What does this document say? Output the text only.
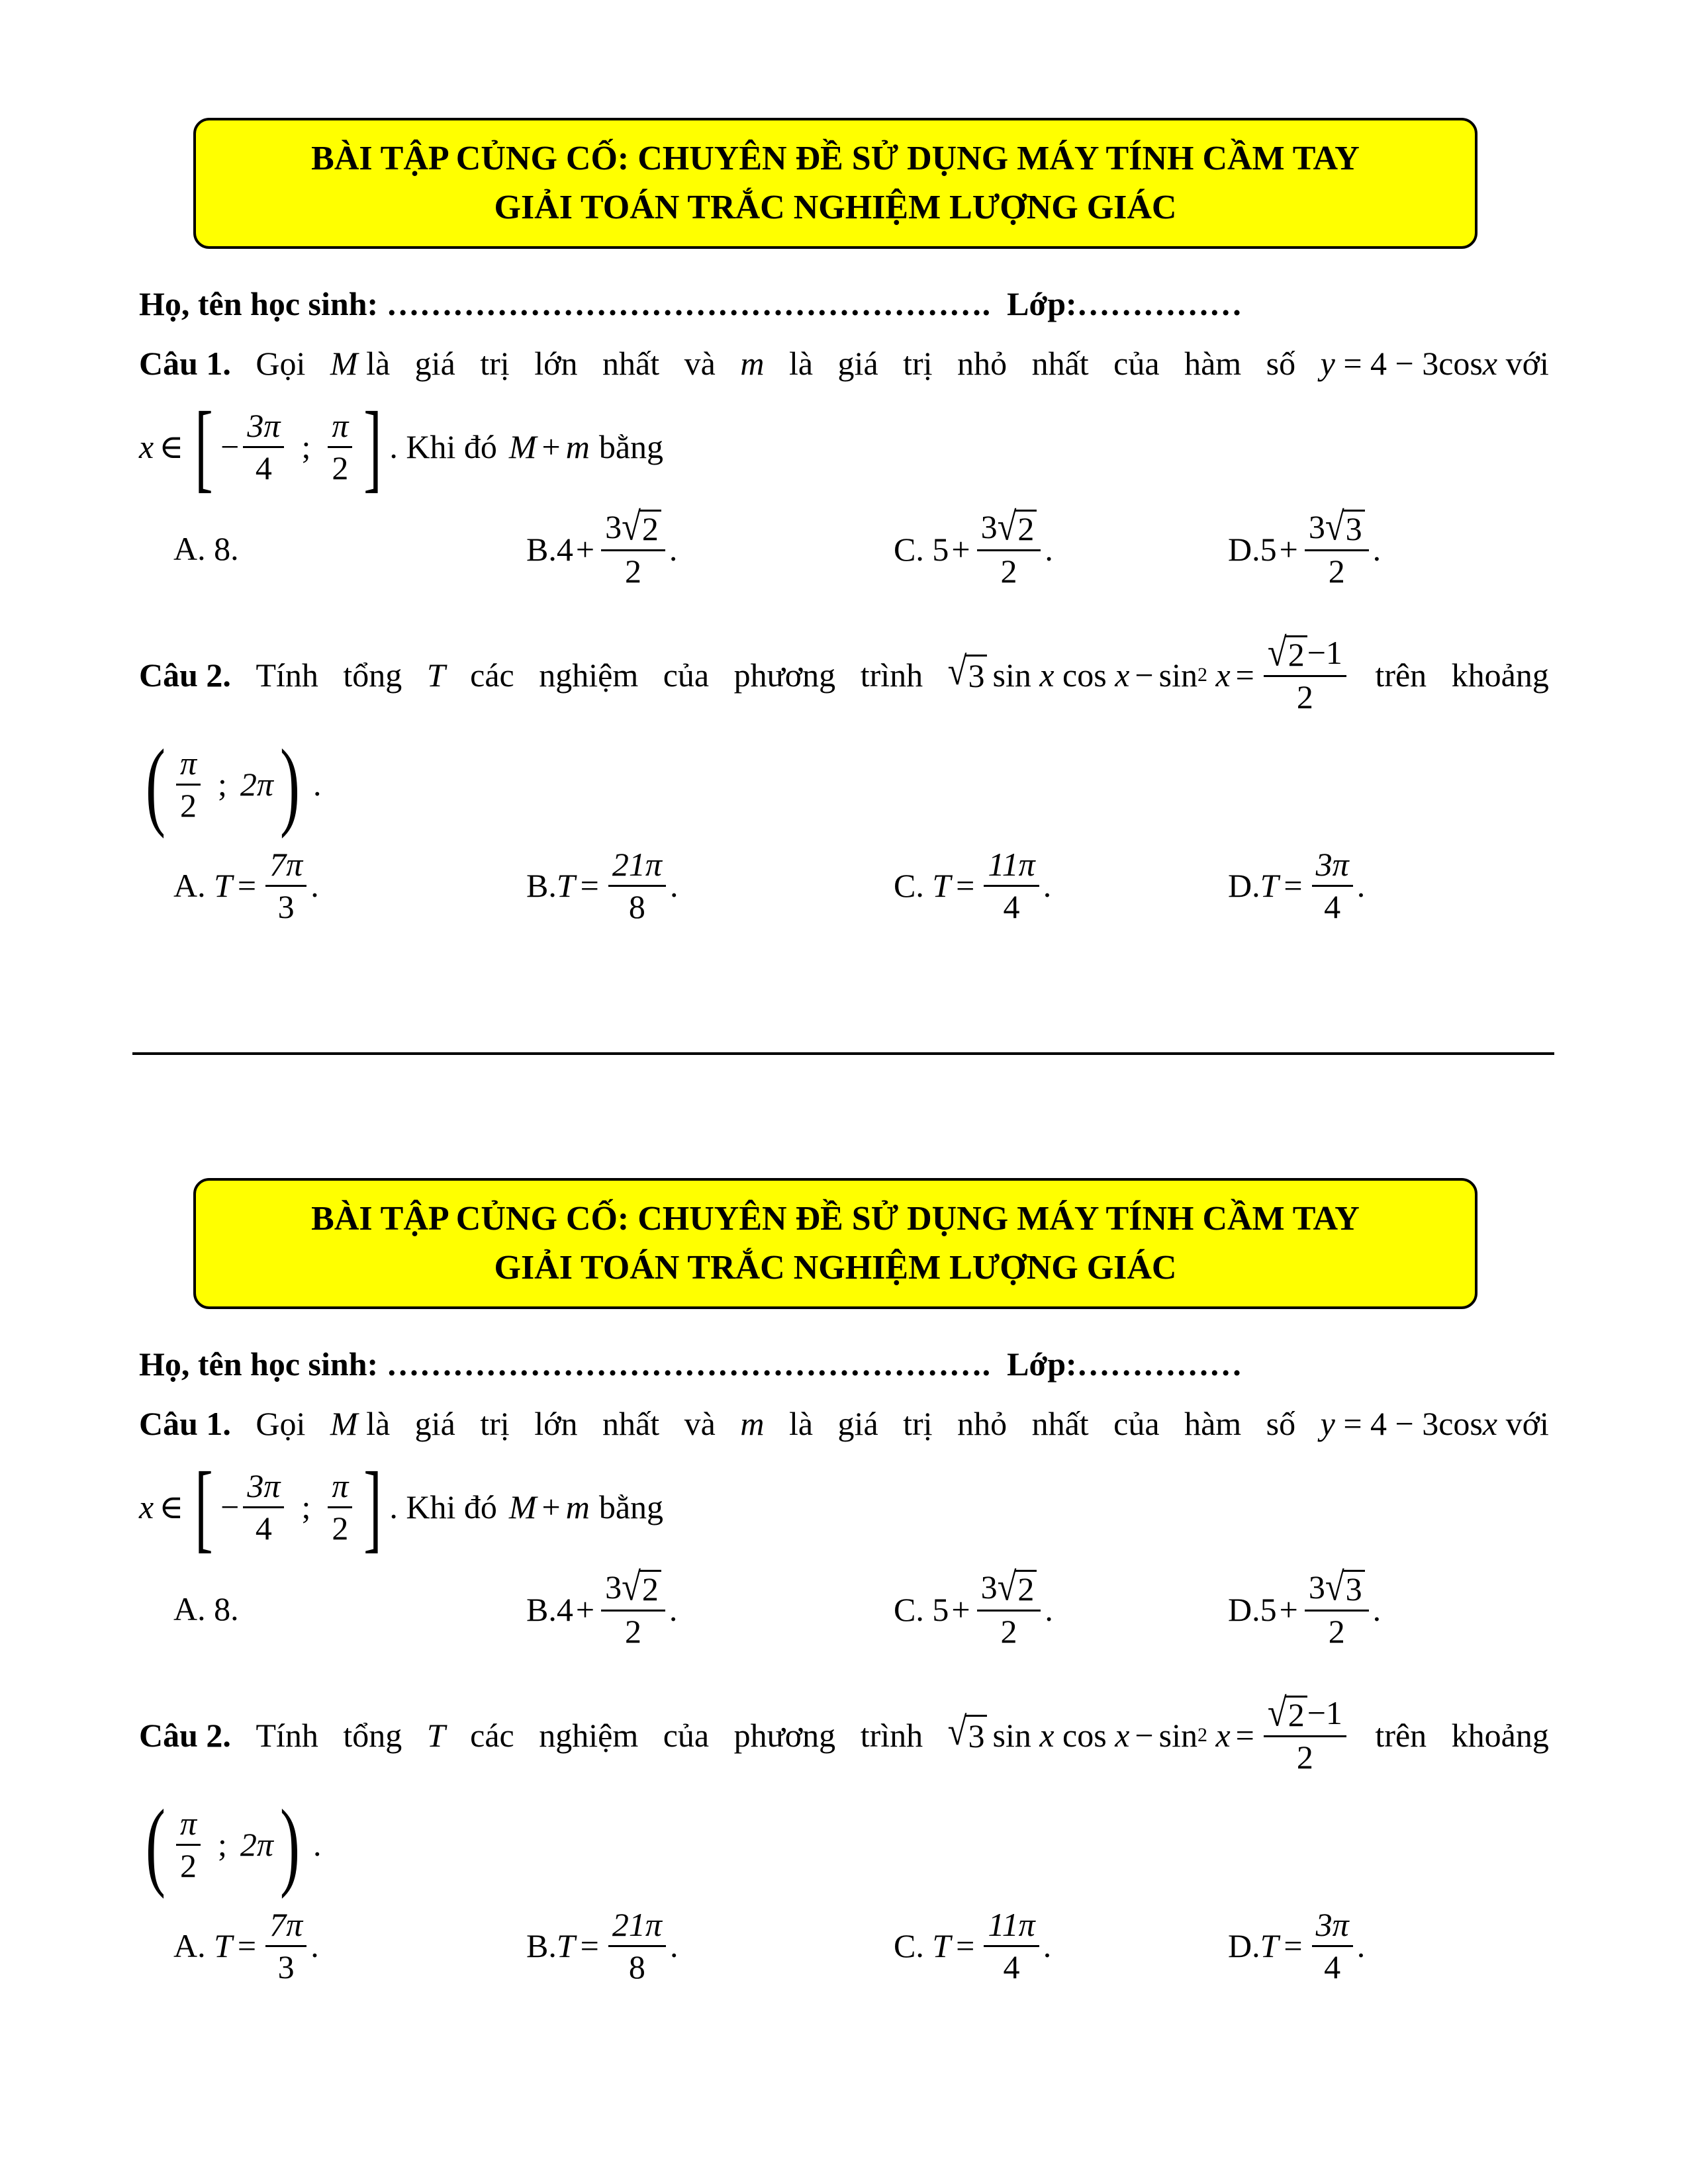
BÀI TẬP CỦNG CỐ: CHUYÊN ĐỀ SỬ DỤNG MÁY TÍNH CẦM TAY
GIẢI TOÁN TRẮC NGHIỆM LƯỢNG GIÁC
Họ, tên học sinh: ………………………………………………. Lớp:……………
Câu 1. Gọi M là giá trị lớn nhất và m là giá trị nhỏ nhất của hàm số y = 4 − 3cosx với
x ∈ [ − $\frac{3\pi}{4}$ ; $\frac{\pi}{2}$ ] . Khi đó M + m bằng
A.
8.	B. $4 + \frac{3 √ 2}{2}$ .	C.
$5 + \frac{3 √ 2}{2}$ .	D. $5 + \frac{3 √ 3}{2}$ .
Câu 2. Tính tổng T các nghiệm của phương trình √ 3 sin
x
cos
x − sin 2
$x = \frac{√ 2 -1}{2}$ trên khoảng
( $\frac{\pi}{2}$ ; 2π ) .
A.
$T = \frac{7\pi}{3}$ .	B. $T = \frac{21\pi}{8}$ .	C.
$T = \frac{11\pi}{4}$ .	D. $T = \frac{3\pi}{4}$ .
BÀI TẬP CỦNG CỐ: CHUYÊN ĐỀ SỬ DỤNG MÁY TÍNH CẦM TAY
GIẢI TOÁN TRẮC NGHIỆM LƯỢNG GIÁC
Họ, tên học sinh: ………………………………………………. Lớp:……………
Câu 1. Gọi M là giá trị lớn nhất và m là giá trị nhỏ nhất của hàm số y = 4 − 3cosx với
x ∈ [ − $\frac{3\pi}{4}$ ; $\frac{\pi}{2}$ ] . Khi đó M + m bằng
A.
8.	B. $4 + \frac{3 √ 2}{2}$ .	C.
$5 + \frac{3 √ 2}{2}$ .	D. $5 + \frac{3 √ 3}{2}$ .
Câu 2. Tính tổng T các nghiệm của phương trình √ 3 sin
x
cos
x − sin 2
$x = \frac{√ 2 -1}{2}$ trên khoảng
( $\frac{\pi}{2}$ ; 2π ) .
A.
$T = \frac{7\pi}{3}$ .	B. $T = \frac{21\pi}{8}$ .	C.
$T = \frac{11\pi}{4}$ .	D. $T = \frac{3\pi}{4}$ .
